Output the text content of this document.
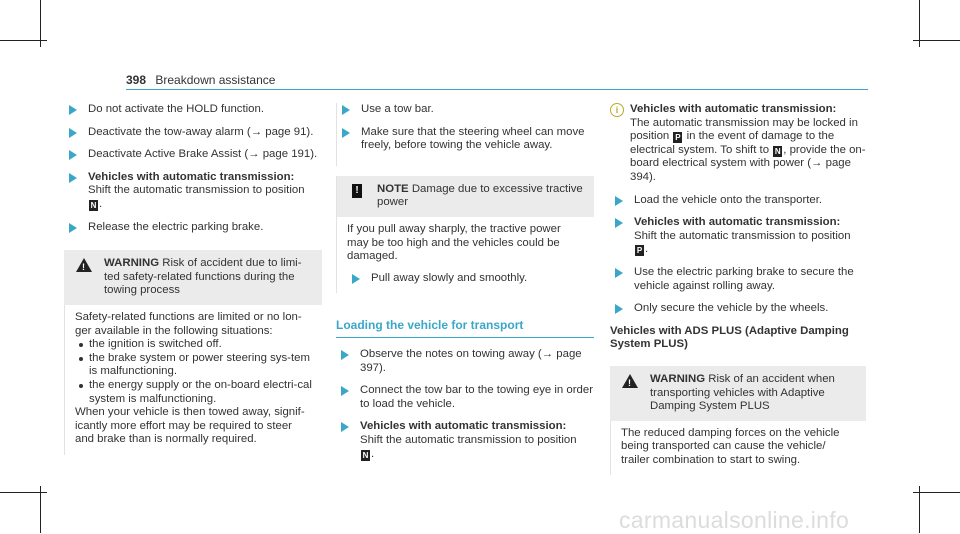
398 Breakdown assistance
Do not activate the HOLD function.
Deactivate the tow-away alarm (→ page 91).
Deactivate Active Brake Assist (→ page 191).
Vehicles with automatic transmission:
Shift the automatic transmission to position
N .
Release the electric parking brake.
! WARNING Risk of accident due to limi-ted safety-related functions during the towing process
Safety-related functions are limited or no lon-ger available in the following situations:
the ignition is switched off.
the brake system or power steering sys-tem is malfunctioning.
the energy supply or the on-board electri-cal system is malfunctioning.
When your vehicle is then towed away, signif-icantly more effort may be required to steer and brake than is normally required.
Use a tow bar.
Make sure that the steering wheel can move freely, before towing the vehicle away.
! NOTE Damage due to excessive tractive power
If you pull away sharply, the tractive power may be too high and the vehicles could be damaged.
Pull away slowly and smoothly.
Loading the vehicle for transport
Observe the notes on towing away (→ page 397).
Connect the tow bar to the towing eye in order to load the vehicle.
Vehicles with automatic transmission:
Shift the automatic transmission to position
N .
i	Vehicles with automatic transmission:
The automatic transmission may be locked in position P in the event of damage to the electrical system. To shift to N , provide the on-board electrical system with power (→ page 394).
Load the vehicle onto the transporter.
Vehicles with automatic transmission:
Shift the automatic transmission to position
P .
Use the electric parking brake to secure the vehicle against rolling away.
Only secure the vehicle by the wheels.
Vehicles with ADS PLUS (Adaptive Damping System PLUS)
! WARNING Risk of an accident when transporting vehicles with Adaptive Damping System PLUS
The reduced damping forces on the vehicle being transported can cause the vehicle/ trailer combination to start to swing.
carmanualsonline.info
